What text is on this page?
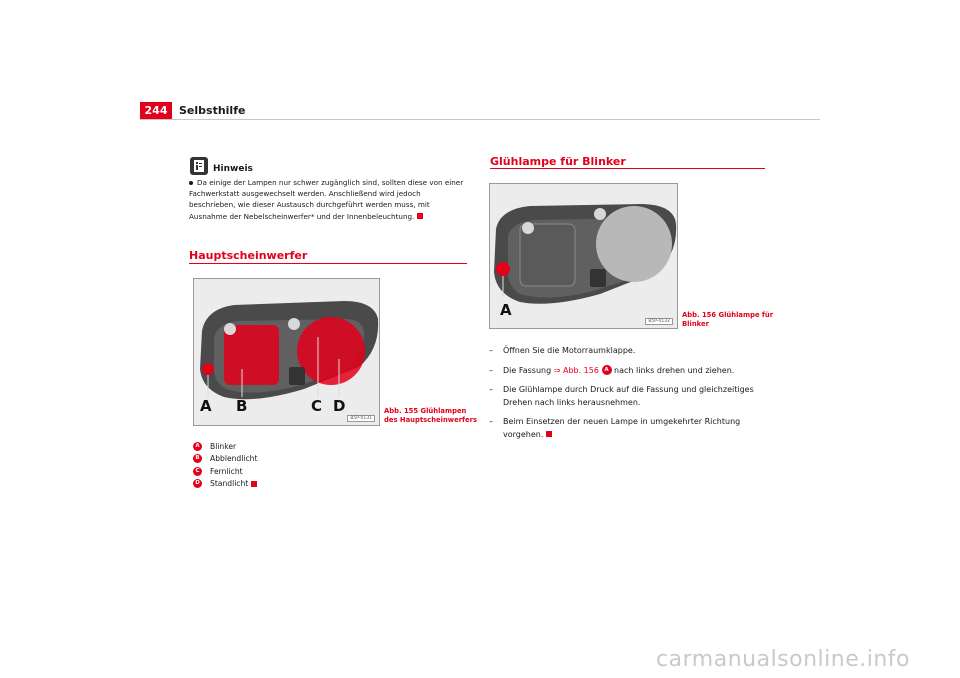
244	Selbsthilfe
Hinweis
Da einige der Lampen nur schwer zugänglich sind, sollten diese von einer
Fachwerkstatt ausgewechselt werden. Anschließend wird jedoch
beschrieben, wie dieser Austausch durchgeführt werden muss, mit
Ausnahme der Nebelscheinwerfer* und der Innenbeleuchtung.
Hauptscheinwerfer
A B	C D
B5P-0131
Abb. 155 Glühlampen
des Hauptscheinwerfers
A	Blinker
B	Abblendlicht
C	Fernlicht
D Standlicht
Glühlampe für Blinker
A
B5P-0132
Abb. 156 Glühlampe für
Blinker
–	Öffnen Sie die Motorraumklappe.
–	Die Fassung ⇒ Abb. 156 A nach links drehen und ziehen.
–	Die Glühlampe durch Druck auf die Fassung und gleichzeitiges
Drehen nach links herausnehmen.
–	Beim Einsetzen der neuen Lampe in umgekehrter Richtung
vorgehen.
carmanualsonline.info
